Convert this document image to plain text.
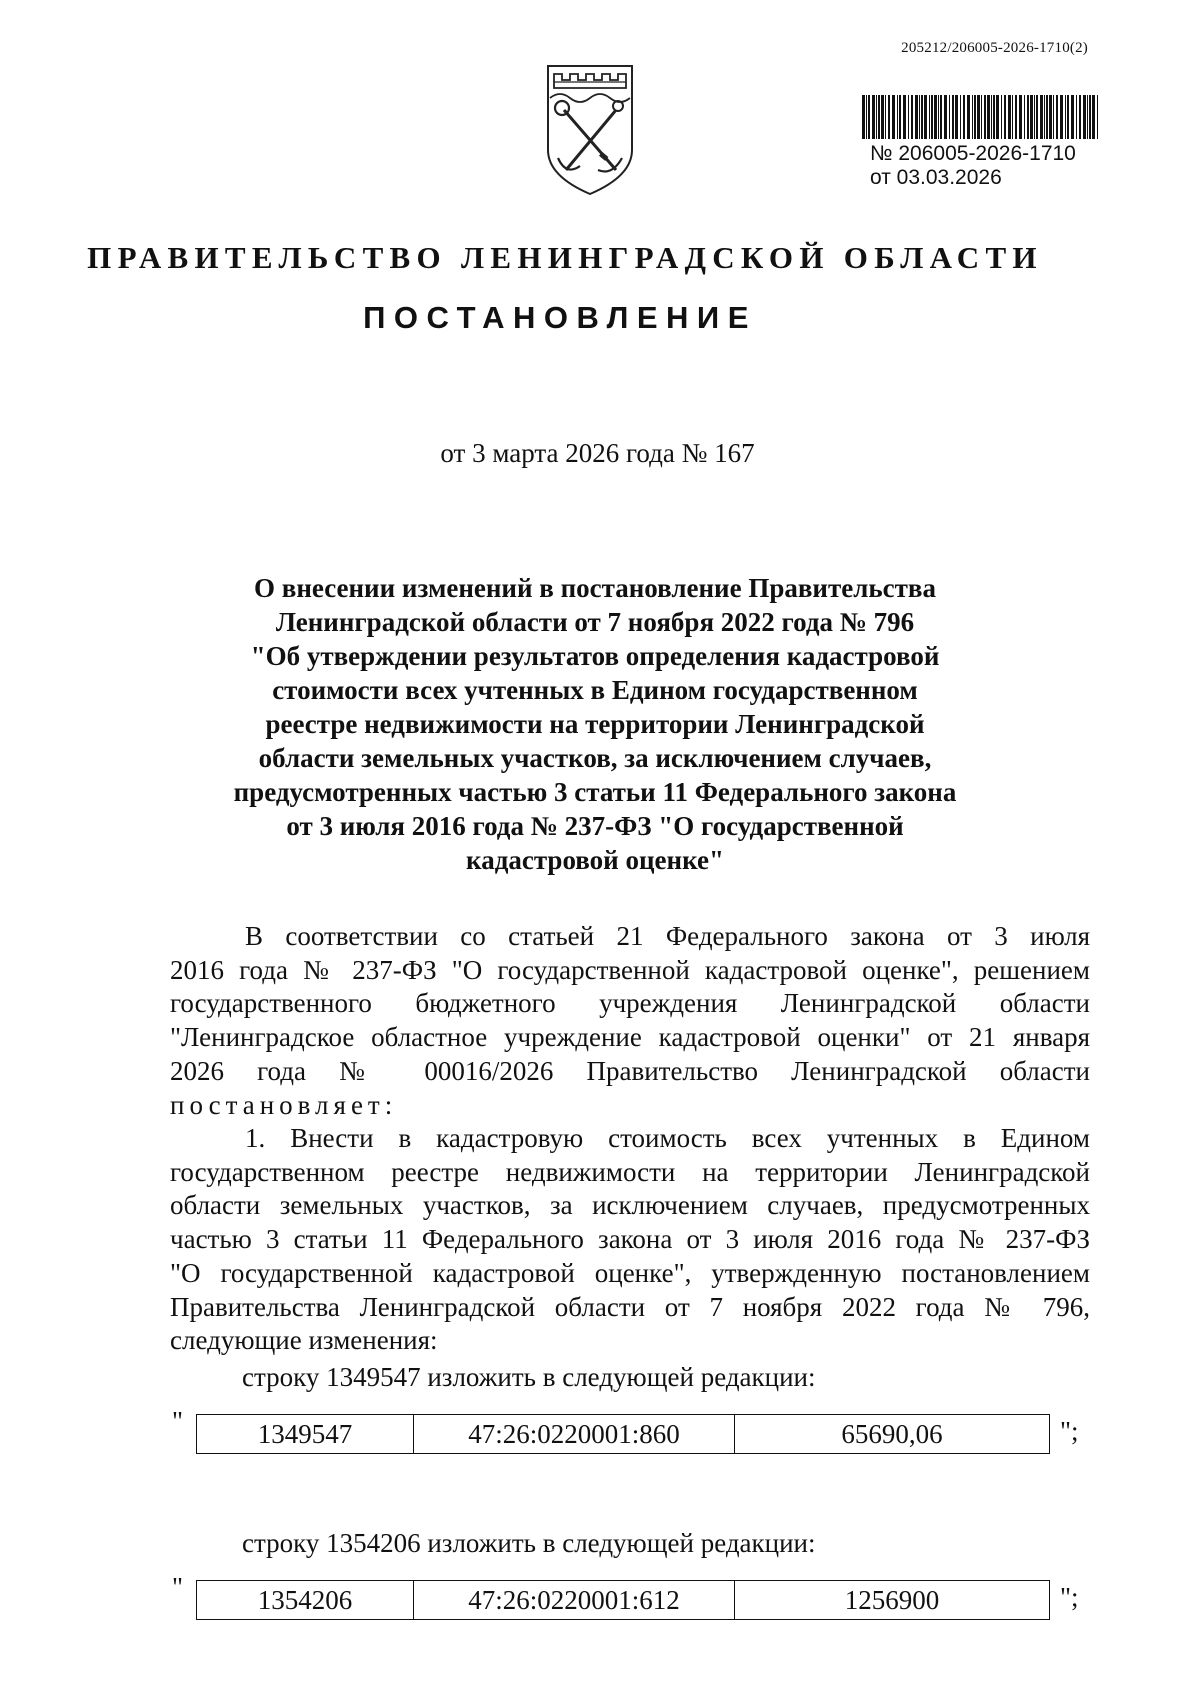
205212/206005-2026-1710(2)
№ 206005-2026-1710
от 03.03.2026
ПРАВИТЕЛЬСТВО ЛЕНИНГРАДСКОЙ ОБЛАСТИ
ПОСТАНОВЛЕНИЕ
от 3 марта 2026 года № 167
О внесении изменений в постановление Правительства
Ленинградской области от 7 ноября 2022 года № 796
"Об утверждении результатов определения кадастровой
стоимости всех учтенных в Едином государственном
реестре недвижимости на территории Ленинградской
области земельных участков, за исключением случаев,
предусмотренных частью 3 статьи 11 Федерального закона
от 3 июля 2016 года № 237-ФЗ "О государственной
кадастровой оценке"
В соответствии со статьей 21 Федерального закона от 3 июля
2016 года № 237-ФЗ "О государственной кадастровой оценке", решением
государственного бюджетного учреждения Ленинградской области
"Ленинградское областное учреждение кадастровой оценки" от 21 января
2026 года № 00016/2026 Правительство Ленинградской области
постановляет:
1. Внести в кадастровую стоимость всех учтенных в Едином
государственном реестре недвижимости на территории Ленинградской
области земельных участков, за исключением случаев, предусмотренных
частью 3 статьи 11 Федерального закона от 3 июля 2016 года № 237-ФЗ
"О государственной кадастровой оценке", утвержденную постановлением
Правительства Ленинградской области от 7 ноября 2022 года № 796,
следующие изменения:
строку 1349547 изложить в следующей редакции:
"	1349547	47:26:0220001:860	65690,06	";
строку 1354206 изложить в следующей редакции:
"	1354206	47:26:0220001:612	1256900	";
